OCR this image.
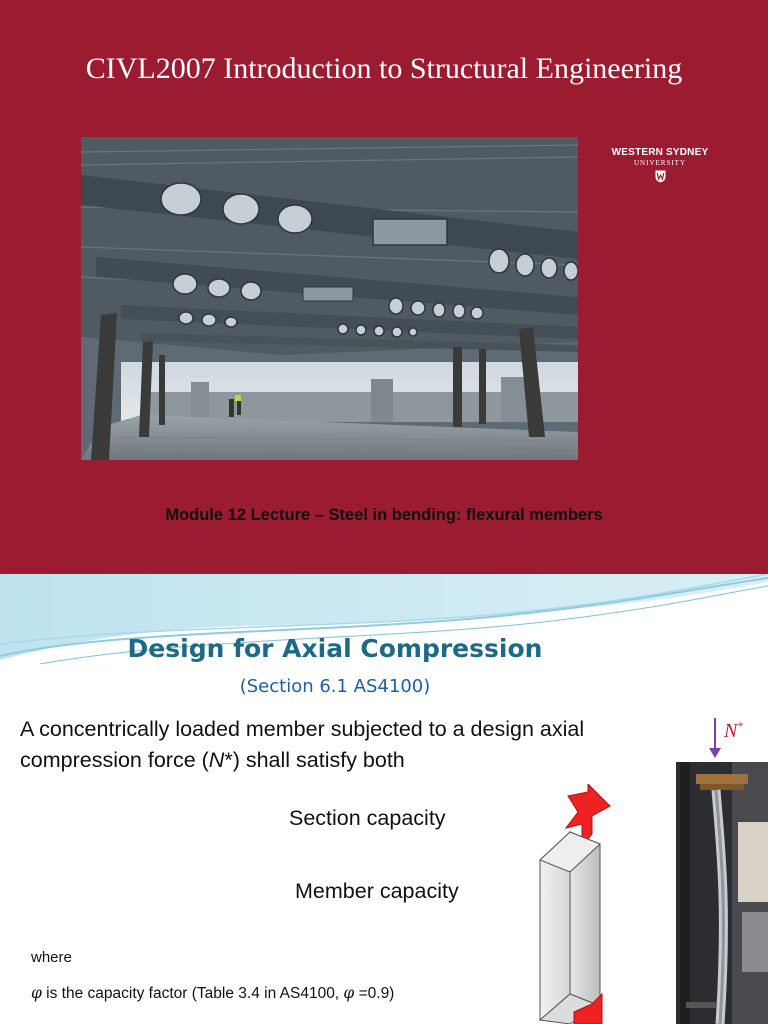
CIVL2007 Introduction to Structural Engineering
WESTERN SYDNEY
UNIVERSITY
Module 12 Lecture – Steel in bending: flexural members
Design for Axial Compression
(Section 6.1 AS4100)

A concentrically loaded member subjected to a design axial

compression force (N*) shall satisfy both

N*
Section capacity
Member capacity
where
φ is the capacity factor (Table 3.4 in AS4100, φ =0.9)
